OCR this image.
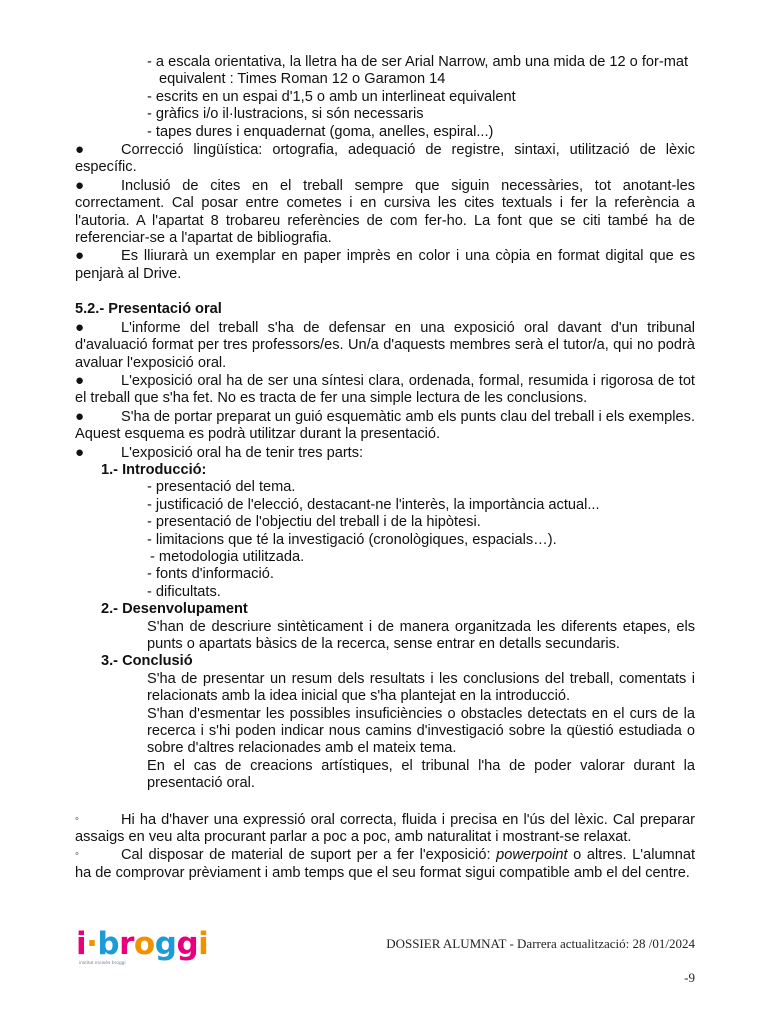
- a escala orientativa, la lletra ha de ser Arial Narrow, amb una mida de 12 o for-mat equivalent : Times Roman 12 o Garamon 14

- escrits en un espai d'1,5 o amb un interlineat equivalent

- gràfics i/o il·lustracions, si són necessaris

- tapes dures i enquadernat (goma, anelles, espiral...)

●	Correcció lingüística: ortografia, adequació de registre, sintaxi, utilització de lèxic específic.

●	Inclusió de cites en el treball sempre que siguin necessàries, tot anotant-les correctament. Cal posar entre cometes i en cursiva les cites textuals i fer la referència a l'autoria. A l'apartat 8 trobareu referències de com fer-ho. La font que se citi també ha de referenciar-se a l'apartat de bibliografia.

●	Es lliurarà un exemplar en paper imprès en color i una còpia en format digital que es penjarà al Drive.

5.2.- Presentació oral

●	L'informe del treball s'ha de defensar en una exposició oral davant d'un tribunal d'avaluació format per tres professors/es. Un/a d'aquests membres serà el tutor/a, qui no podrà avaluar l'exposició oral.

●	L'exposició oral ha de ser una síntesi clara, ordenada, formal, resumida i rigorosa de tot el treball que s'ha fet. No es tracta de fer una simple lectura de les conclusions.

●	S'ha de portar preparat un guió esquemàtic amb els punts clau del treball i els exemples. Aquest esquema es podrà utilitzar durant la presentació.

●	L'exposició oral ha de tenir tres parts:

1.- Introducció:

- presentació del tema.

- justificació de l'elecció, destacant-ne l'interès, la importància actual...

- presentació de l'objectiu del treball i de la hipòtesi.

- limitacions que té la investigació (cronològiques, espacials…).

- metodologia utilitzada.

- fonts d'informació.

- dificultats.

2.- Desenvolupament

S'han de descriure sintèticament i de manera organitzada les diferents etapes, els punts o apartats bàsics de la recerca, sense entrar en detalls secundaris.

3.- Conclusió

S'ha de presentar un resum dels resultats i les conclusions del treball, comentats i relacionats amb la idea inicial que s'ha plantejat en la introducció.

S'han d'esmentar les possibles insuficiències o obstacles detectats en el curs de la recerca i s'hi poden indicar nous camins d'investigació sobre la qüestió estudiada o sobre d'altres relacionades amb el mateix tema.

En el cas de creacions artístiques, el tribunal l'ha de poder valorar durant la presentació oral.

◦	Hi ha d'haver una expressió oral correcta, fluida i precisa en l'ús del lèxic. Cal preparar assaigs en veu alta procurant parlar a poc a poc, amb naturalitat i mostrant-se relaxat.

◦	Cal disposar de material de suport per a fer l'exposició: powerpoint o altres. L'alumnat ha de comprovar prèviament i amb temps que el seu format sigui compatible amb el del centre.

i·broggi
institut moisès broggi
DOSSIER ALUMNAT - Darrera actualització: 28 /01/2024
-9
